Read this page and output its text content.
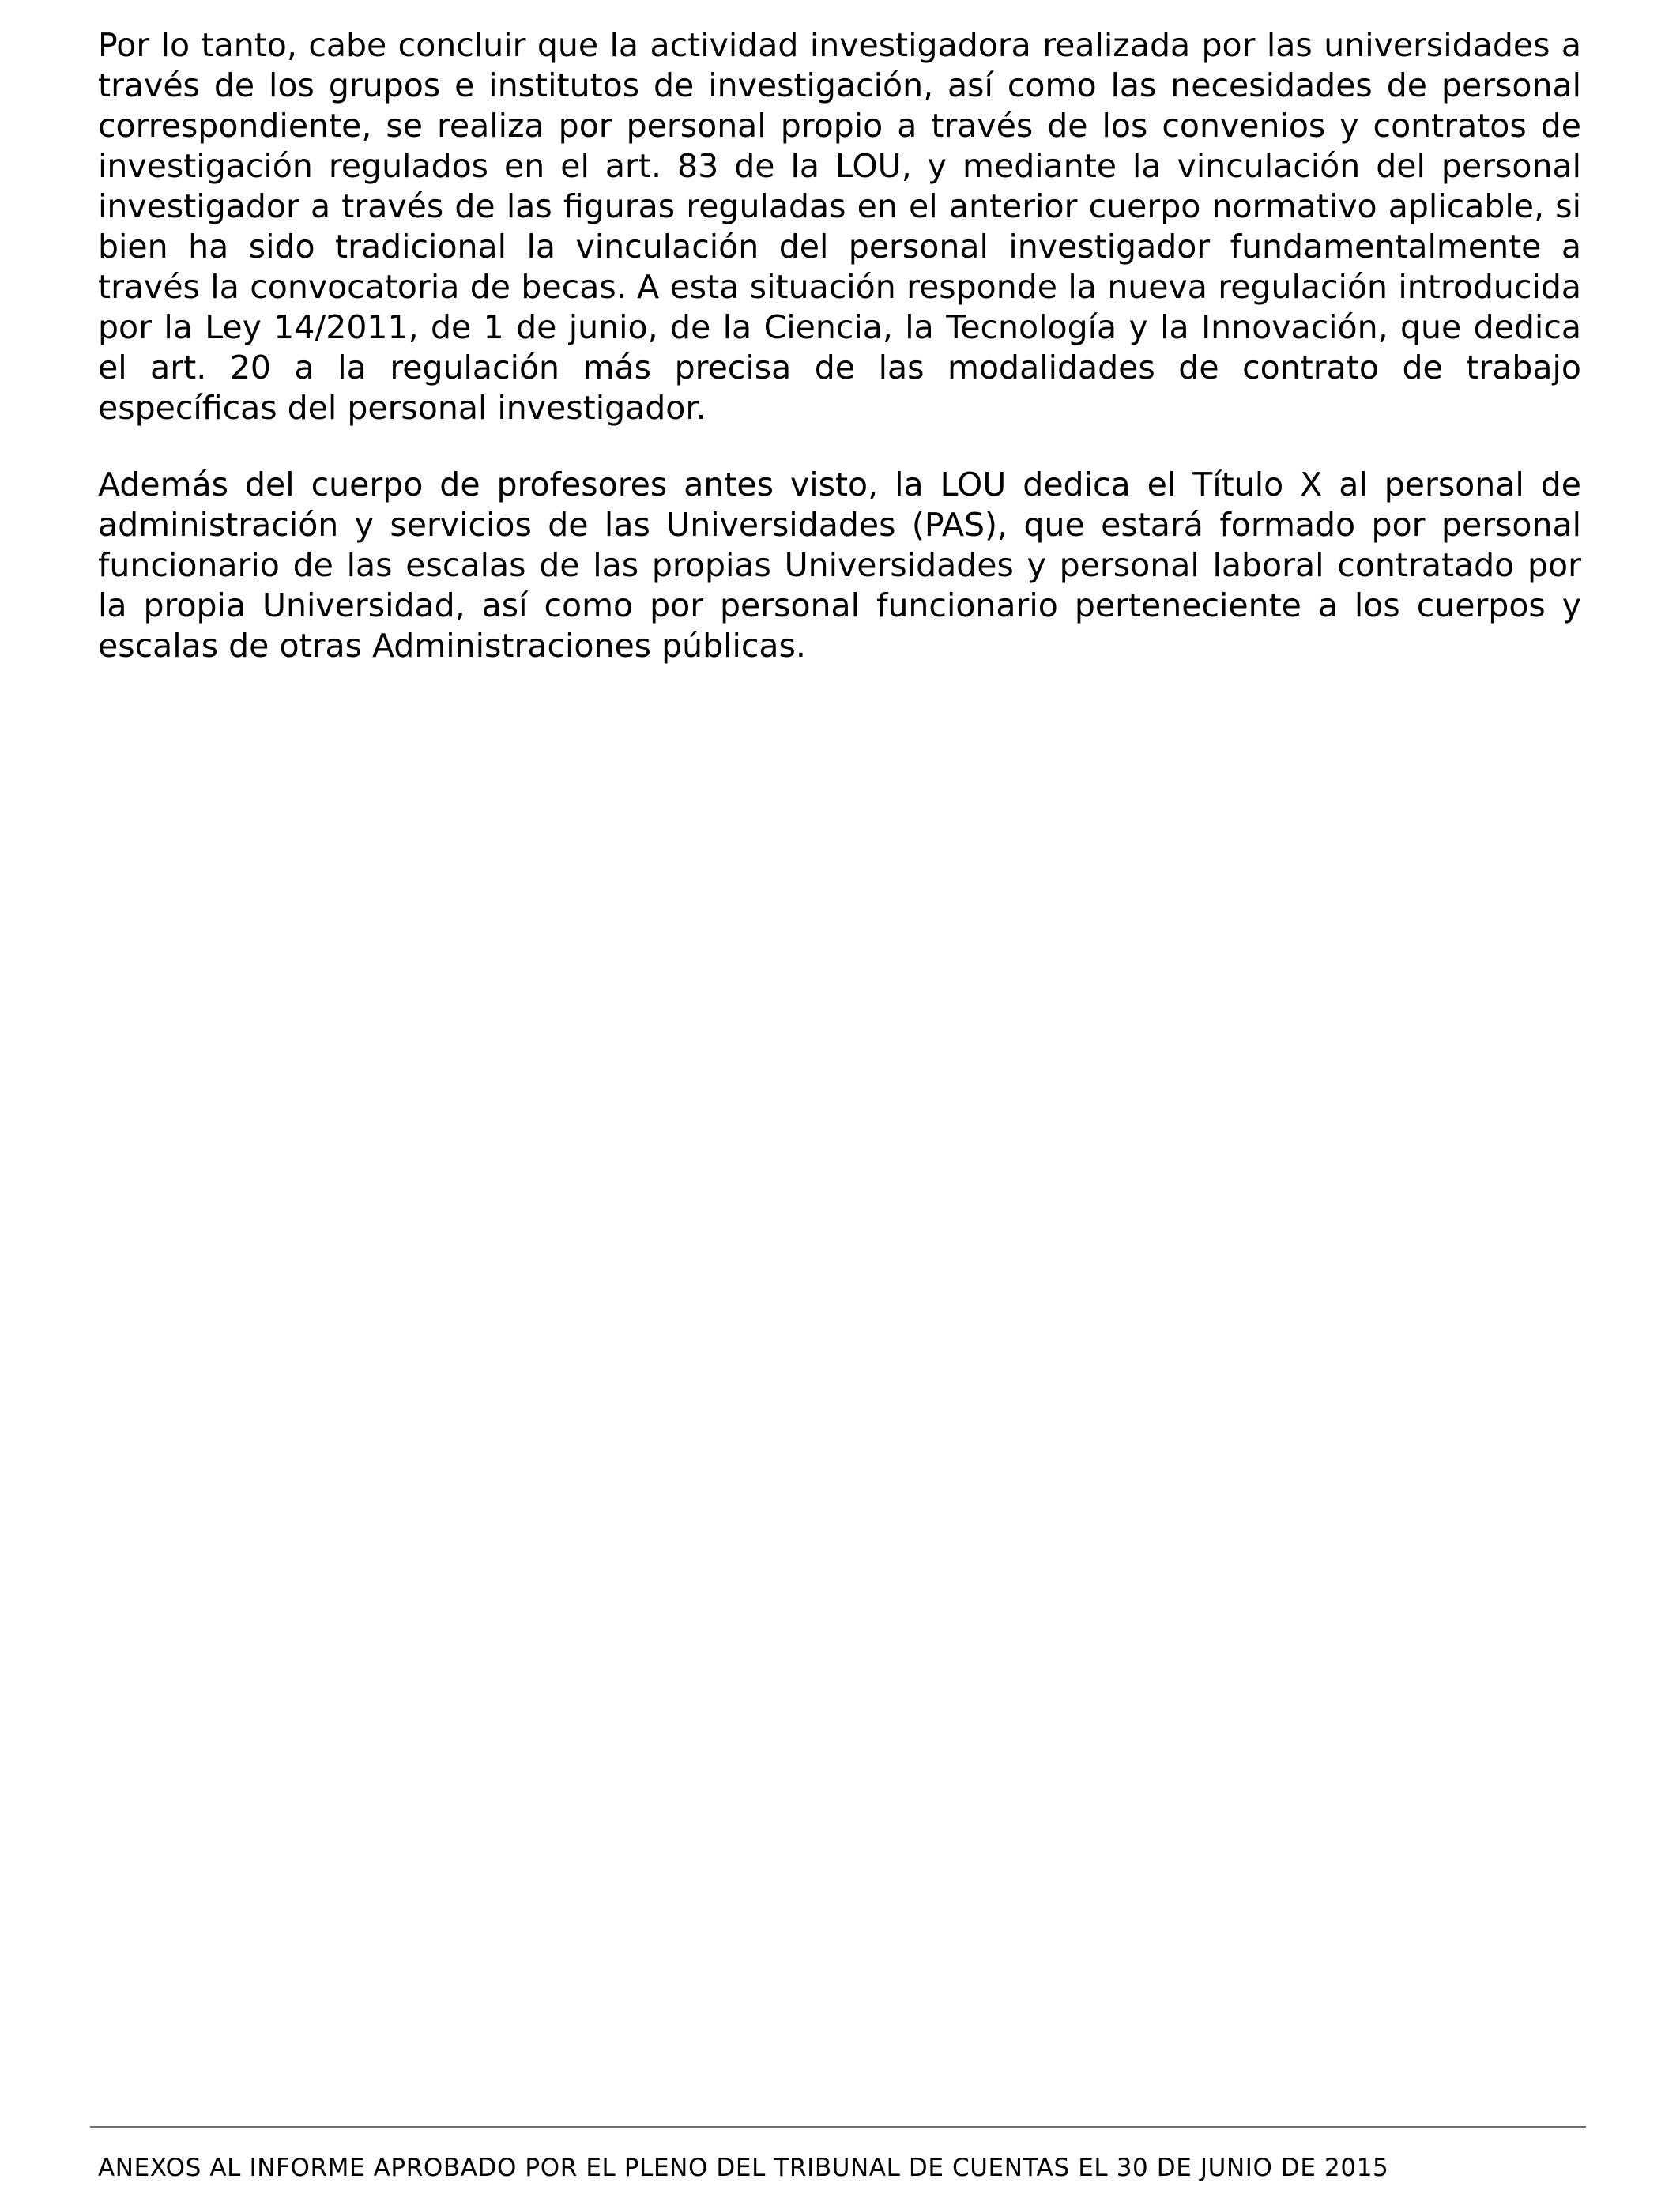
Por lo tanto, cabe concluir que la actividad investigadora realizada por las universidades a través de los grupos e institutos de investigación, así como las necesidades de personal correspondiente, se realiza por personal propio a través de los convenios y contratos de investigación regulados en el art. 83 de la LOU, y mediante la vinculación del personal investigador a través de las figuras reguladas en el anterior cuerpo normativo aplicable, si bien ha sido tradicional la vinculación del personal investigador fundamentalmente a través la convocatoria de becas. A esta situación responde la nueva regulación introducida por la Ley 14/2011, de 1 de junio, de la Ciencia, la Tecnología y la Innovación, que dedica el art. 20 a la regulación más precisa de las modalidades de contrato de trabajo específicas del personal investigador.

Además del cuerpo de profesores antes visto, la LOU dedica el Título X al personal de administración y servicios de las Universidades (PAS), que estará formado por personal funcionario de las escalas de las propias Universidades y personal laboral contratado por la propia Universidad, así como por personal funcionario perteneciente a los cuerpos y escalas de otras Administraciones públicas.

ANEXOS AL INFORME APROBADO POR EL PLENO DEL TRIBUNAL DE CUENTAS EL 30 DE JUNIO DE 2015
